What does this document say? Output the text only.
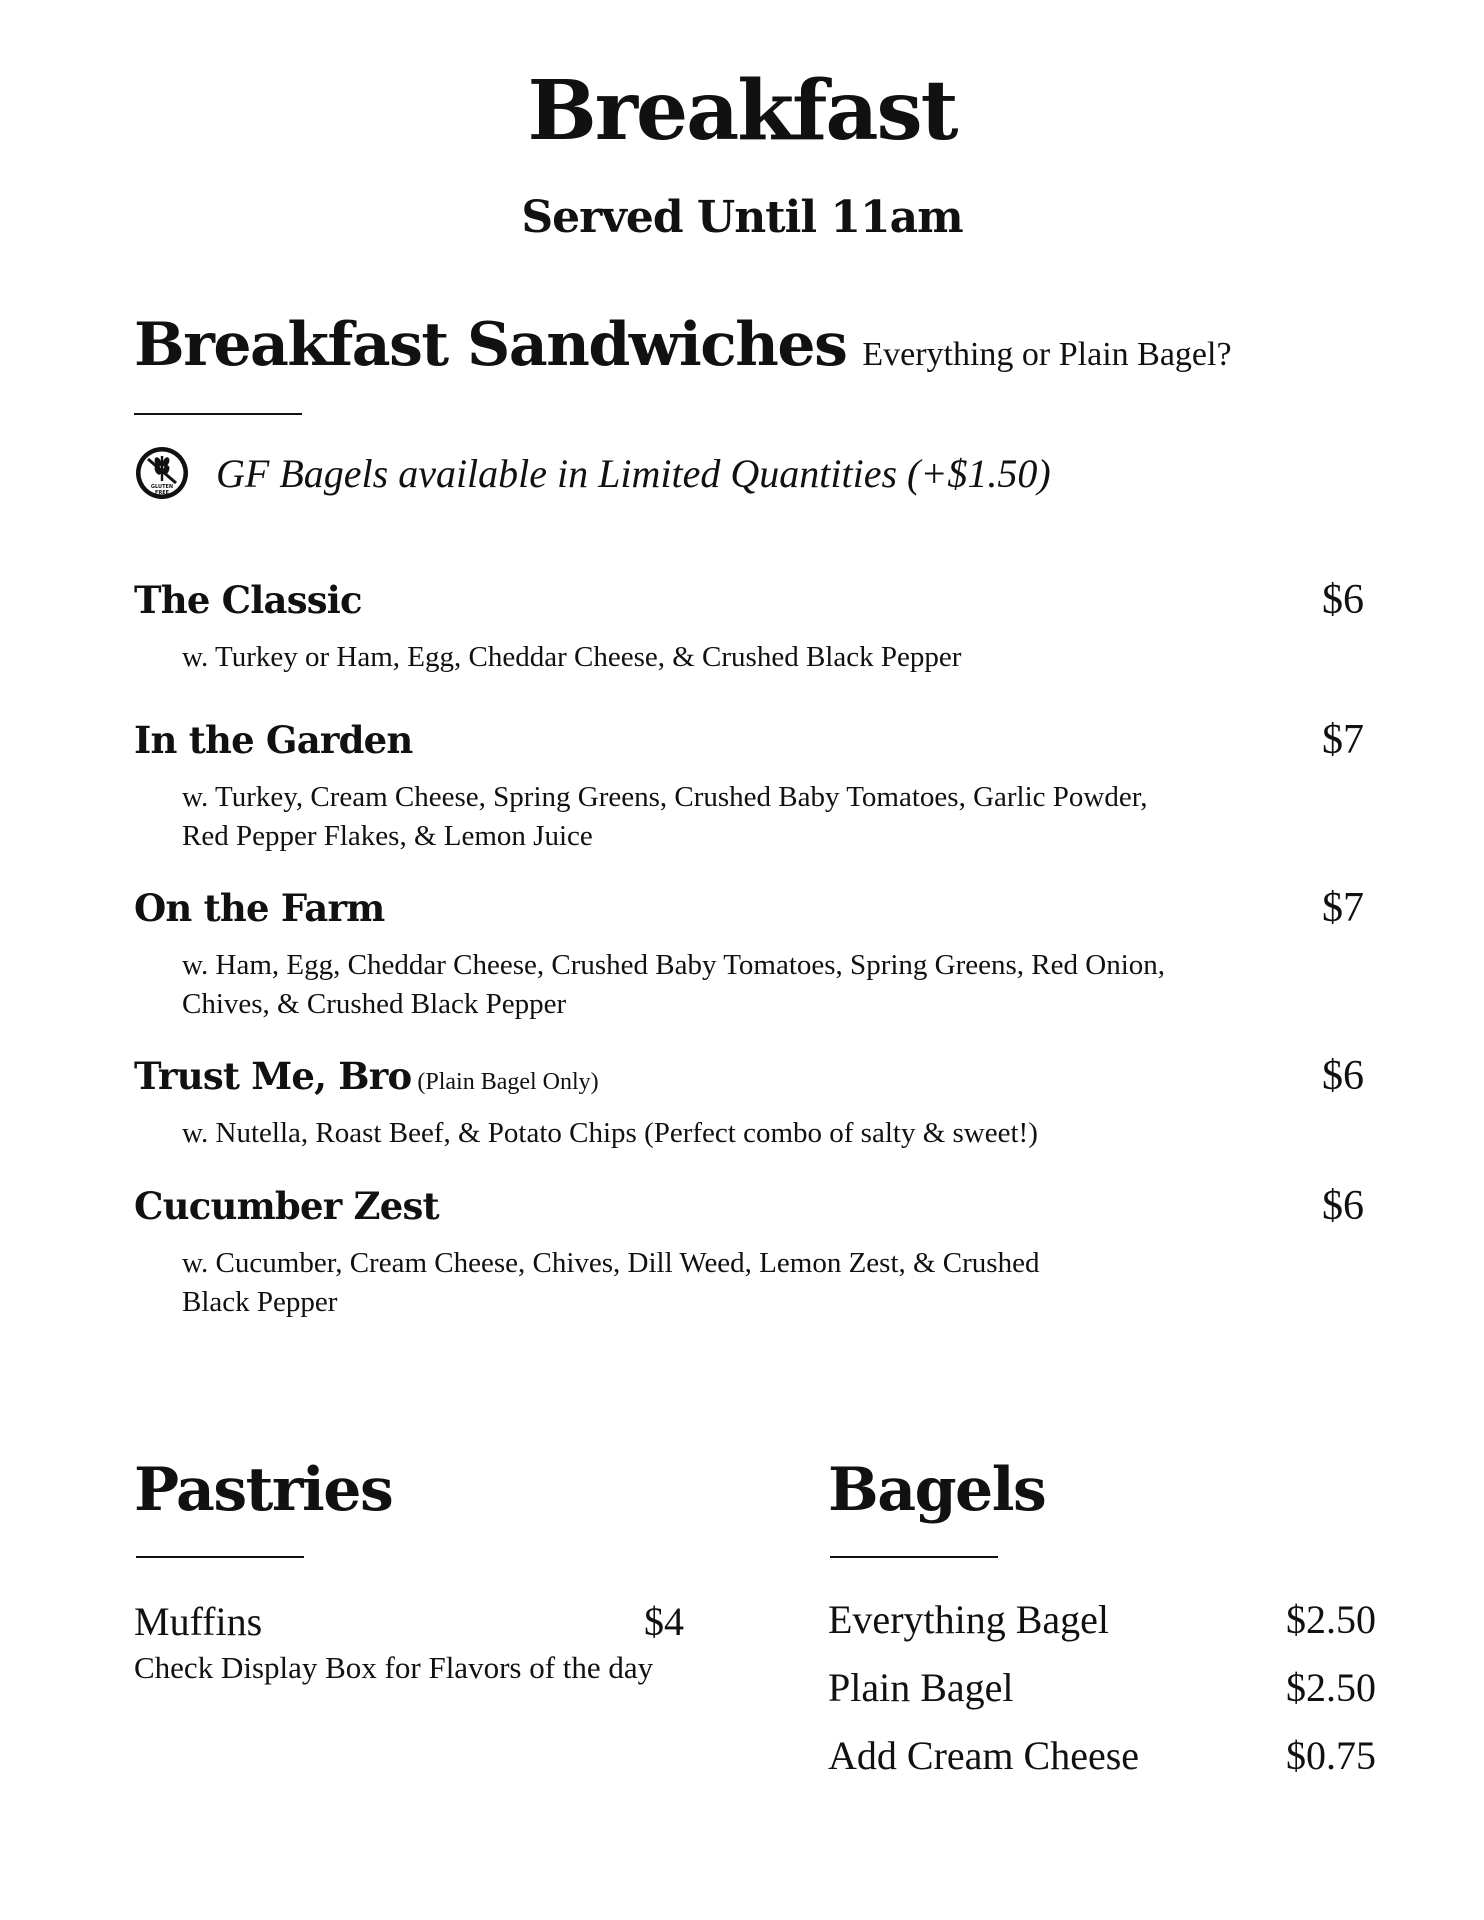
Breakfast
Served Until 11am
Breakfast Sandwiches Everything or Plain Bagel?
GLUTEN
FREE GF Bagels available in Limited Quantities (+$1.50)
The Classic	$6
w. Turkey or Ham, Egg, Cheddar Cheese, & Crushed Black Pepper
In the Garden	$7
w. Turkey, Cream Cheese, Spring Greens, Crushed Baby Tomatoes, Garlic Powder, Red Pepper Flakes, & Lemon Juice
On the Farm	$7
w. Ham, Egg, Cheddar Cheese, Crushed Baby Tomatoes, Spring Greens, Red Onion, Chives, & Crushed Black Pepper
Trust Me, Bro (Plain Bagel Only)	$6
w. Nutella, Roast Beef, & Potato Chips (Perfect combo of salty & sweet!)
Cucumber Zest	$6
w. Cucumber, Cream Cheese, Chives, Dill Weed, Lemon Zest, & Crushed Black Pepper
Pastries
Muffins	$4
Check Display Box for Flavors of the day
Bagels
Everything Bagel	$2.50
Plain Bagel	$2.50
Add Cream Cheese	$0.75
